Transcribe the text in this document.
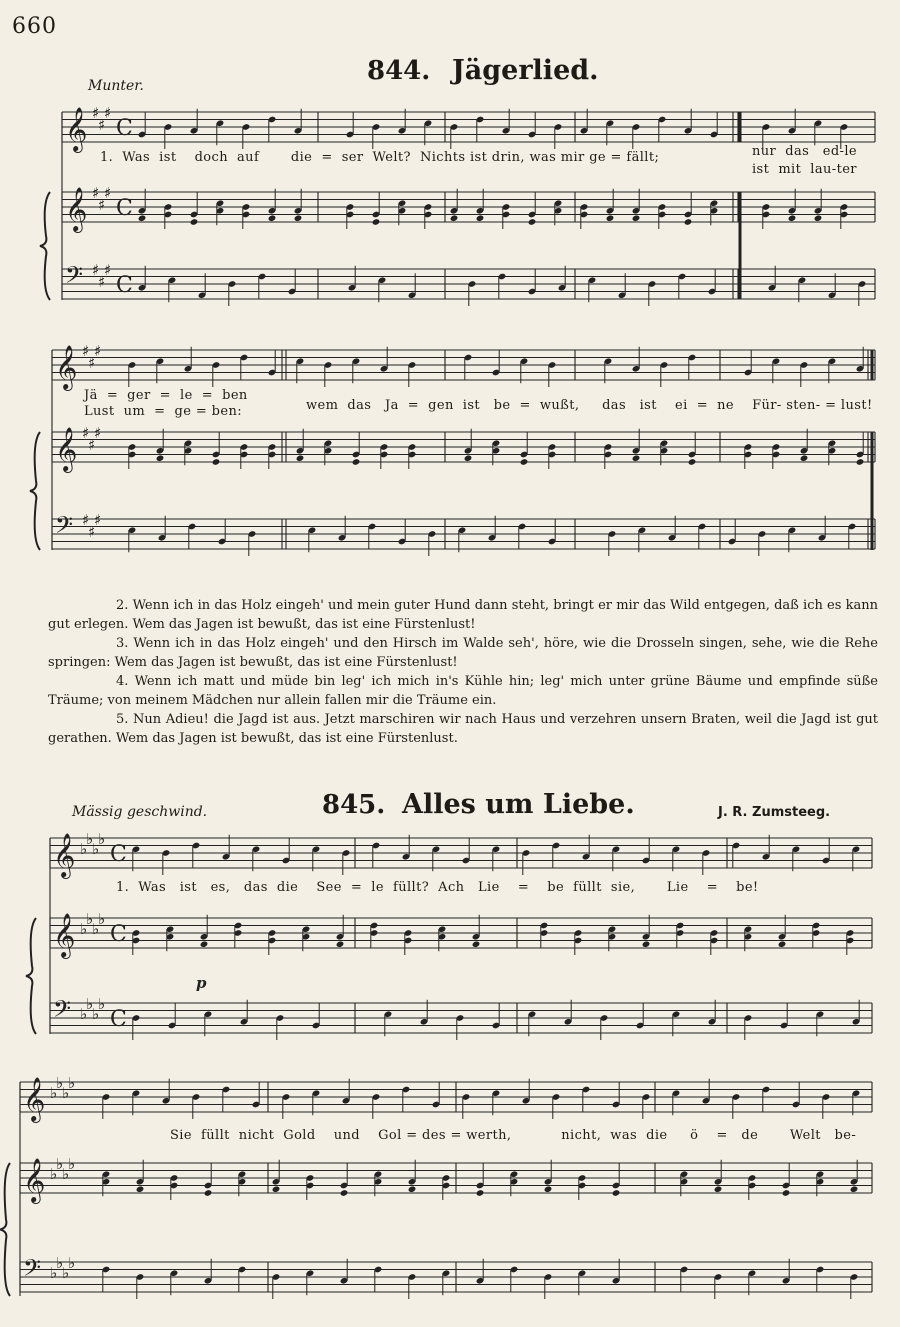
660
Munter.	844. Jägerlied.
𝄞 ♯
♯
♯
C
𝄞 ♯
♯
♯
C
𝄢 ♯
♯
♯
C
𝄞 ♯
♯
♯
𝄞 ♯
♯
♯
𝄢 ♯
♯
♯
𝄞 ♭
♭
♭
♭
C
𝄞 ♭
♭
♭
♭
C
𝄢 ♭
♭
♭
♭
C
p
𝄞 ♭
♭
♭
♭
𝄞 ♭
♭
♭
♭
𝄢 ♭
♭
♭
♭
1.  Was  ist    doch  auf       die  =  ser  Welt?  Nichts ist drin, was mir ge = fällt;	nur  das   ed-le
ist  mit  lau-ter
Jä  =  ger  =  le  =  ben
Lust  um  =  ge = ben:	wem  das   Ja  =  gen  ist   be  =  wußt,     das   ist    ei  =  ne    Für- sten- = lust!

2. Wenn ich in das Holz eingeh' und mein guter Hund dann steht, bringt er mir das Wild entgegen, daß ich es kann gut erlegen. Wem das Jagen ist bewußt, das ist eine Fürstenlust!

3. Wenn ich in das Holz eingeh' und den Hirsch im Walde seh', höre, wie die Drosseln singen, sehe, wie die Rehe springen: Wem das Jagen ist bewußt, das ist eine Fürstenlust!

4. Wenn ich matt und müde bin leg' ich mich in's Kühle hin; leg' mich unter grüne Bäume und empfinde süße Träume; von meinem Mädchen nur allein fallen mir die Träume ein.

5. Nun Adieu! die Jagd ist aus. Jetzt marschiren wir nach Haus und verzehren unsern Braten, weil die Jagd ist gut gerathen. Wem das Jagen ist bewußt, das ist eine Fürstenlust.

Mässig geschwind.	845. Alles um Liebe.	J. R. Zumsteeg.
1.  Was   ist   es,   das  die    See  =  le  füllt?  Ach   Lie    =    be  füllt  sie,       Lie    =    be!
Sie  füllt  nicht  Gold    und    Gol = des = werth,           nicht,  was  die     ö    =   de       Welt   be-
